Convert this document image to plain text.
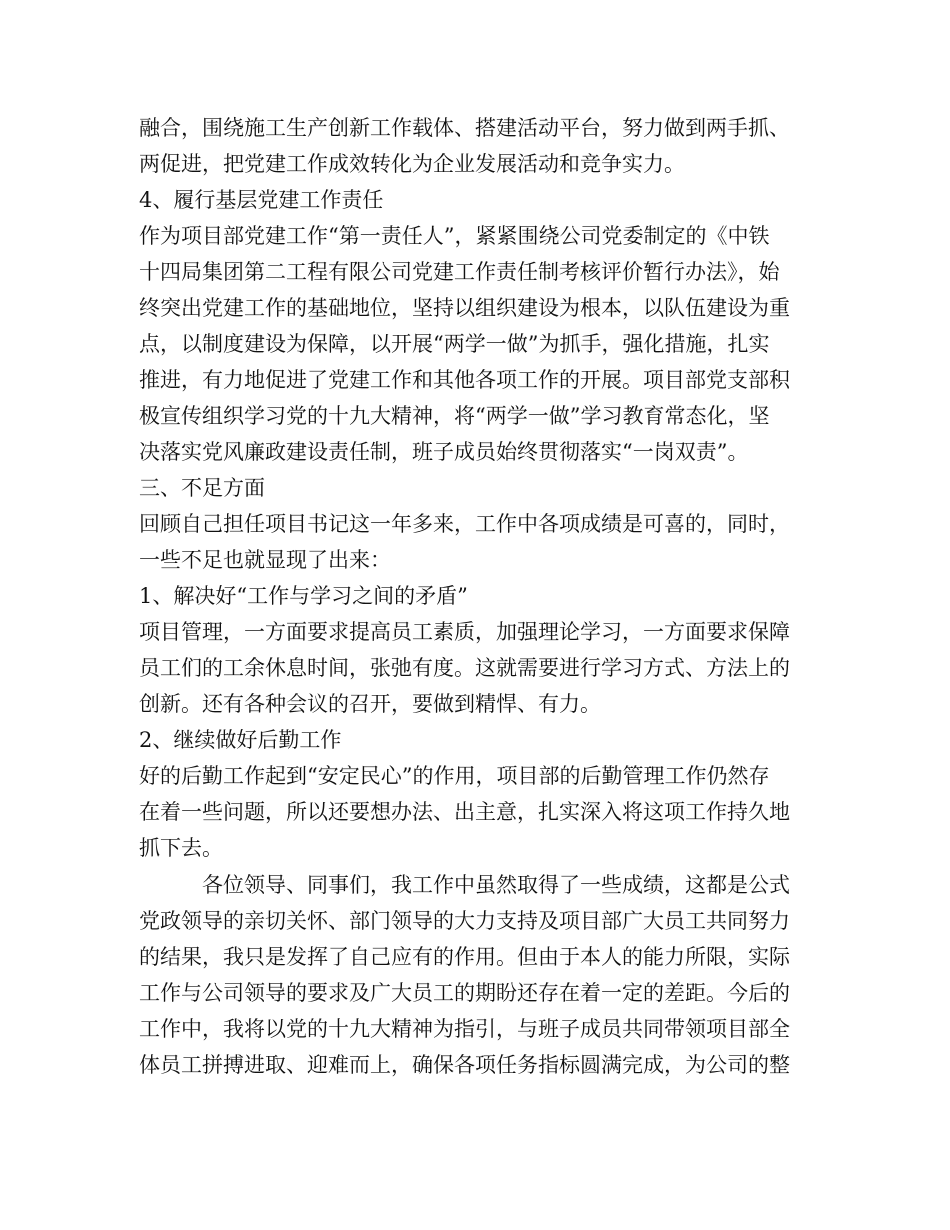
融合，围绕施工生产创新工作载体、搭建活动平台，努力做到两手抓、
两促进，把党建工作成效转化为企业发展活动和竞争实力。
4、履行基层党建工作责任
作为项目部党建工作“第一责任人”，紧紧围绕公司党委制定的《中铁
十四局集团第二工程有限公司党建工作责任制考核评价暂行办法》，始
终突出党建工作的基础地位，坚持以组织建设为根本，以队伍建设为重
点，以制度建设为保障，以开展“两学一做”为抓手，强化措施，扎实
推进，有力地促进了党建工作和其他各项工作的开展。项目部党支部积
极宣传组织学习党的十九大精神，将“两学一做”学习教育常态化，坚
决落实党风廉政建设责任制，班子成员始终贯彻落实“一岗双责”。
三、不足方面
回顾自己担任项目书记这一年多来，工作中各项成绩是可喜的，同时，
一些不足也就显现了出来：
1、解决好“工作与学习之间的矛盾”
项目管理，一方面要求提高员工素质，加强理论学习，一方面要求保障
员工们的工余休息时间，张弛有度。这就需要进行学习方式、方法上的
创新。还有各种会议的召开，要做到精悍、有力。
2、继续做好后勤工作
好的后勤工作起到“安定民心”的作用，项目部的后勤管理工作仍然存
在着一些问题，所以还要想办法、出主意，扎实深入将这项工作持久地
抓下去。
各位领导、同事们，我工作中虽然取得了一些成绩，这都是公式
党政领导的亲切关怀、部门领导的大力支持及项目部广大员工共同努力
的结果，我只是发挥了自己应有的作用。但由于本人的能力所限，实际
工作与公司领导的要求及广大员工的期盼还存在着一定的差距。今后的
工作中，我将以党的十九大精神为指引，与班子成员共同带领项目部全
体员工拼搏进取、迎难而上，确保各项任务指标圆满完成，为公司的整
